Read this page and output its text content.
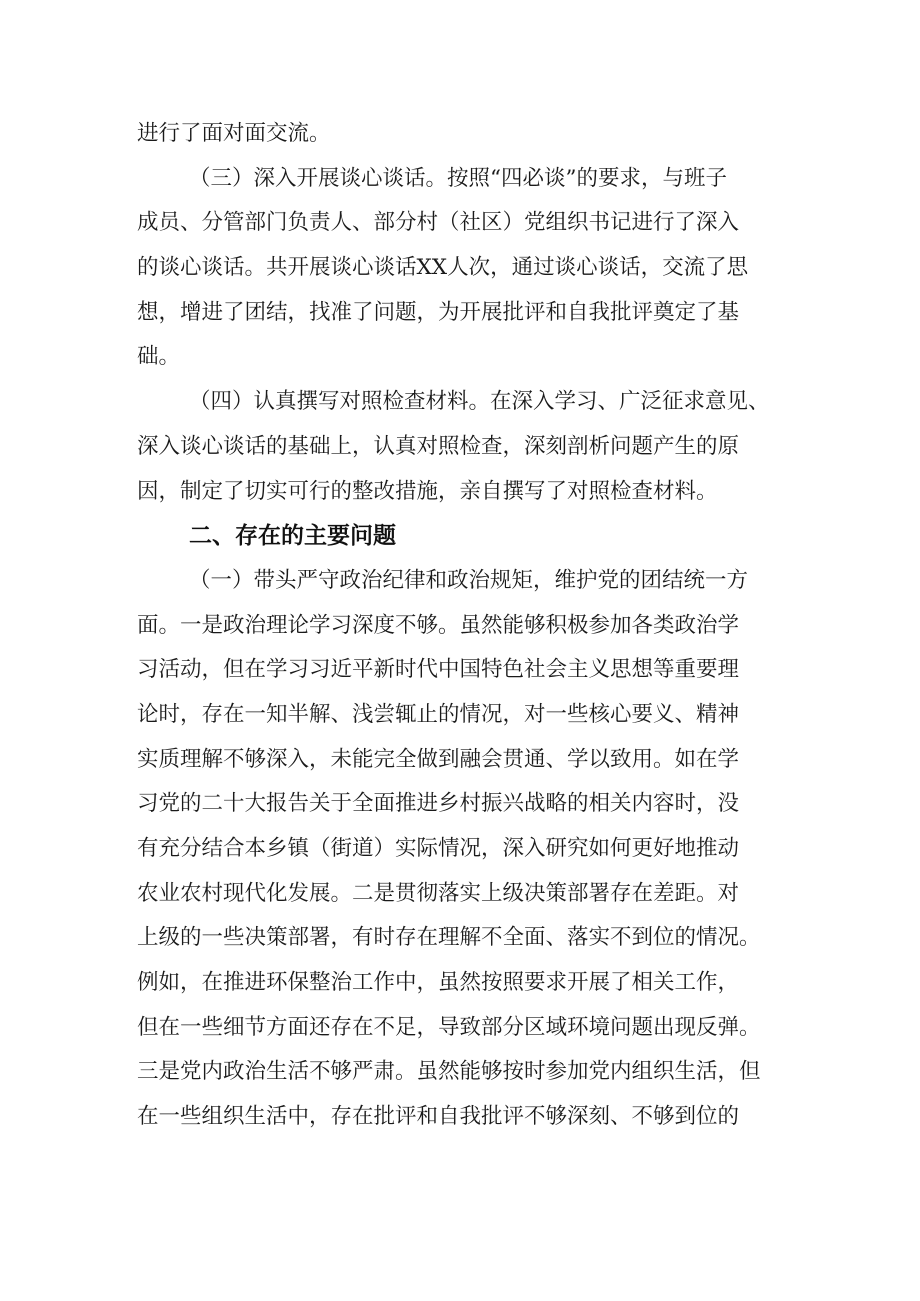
进行了面对面交流。
（三）深入开展谈心谈话。按照“四必谈”的要求，与班子
成员、分管部门负责人、部分村（社区）党组织书记进行了深入
的谈心谈话。共开展谈心谈话XX人次，通过谈心谈话，交流了思
想，增进了团结，找准了问题，为开展批评和自我批评奠定了基
础。
（四）认真撰写对照检查材料。在深入学习、广泛征求意见、
深入谈心谈话的基础上，认真对照检查，深刻剖析问题产生的原
因，制定了切实可行的整改措施，亲自撰写了对照检查材料。
二、存在的主要问题
（一）带头严守政治纪律和政治规矩，维护党的团结统一方
面。一是政治理论学习深度不够。虽然能够积极参加各类政治学
习活动，但在学习习近平新时代中国特色社会主义思想等重要理
论时，存在一知半解、浅尝辄止的情况，对一些核心要义、精神
实质理解不够深入，未能完全做到融会贯通、学以致用。如在学
习党的二十大报告关于全面推进乡村振兴战略的相关内容时，没
有充分结合本乡镇（街道）实际情况，深入研究如何更好地推动
农业农村现代化发展。二是贯彻落实上级决策部署存在差距。对
上级的一些决策部署，有时存在理解不全面、落实不到位的情况。
例如，在推进环保整治工作中，虽然按照要求开展了相关工作，
但在一些细节方面还存在不足，导致部分区域环境问题出现反弹。
三是党内政治生活不够严肃。虽然能够按时参加党内组织生活，但
在一些组织生活中，存在批评和自我批评不够深刻、不够到位的
